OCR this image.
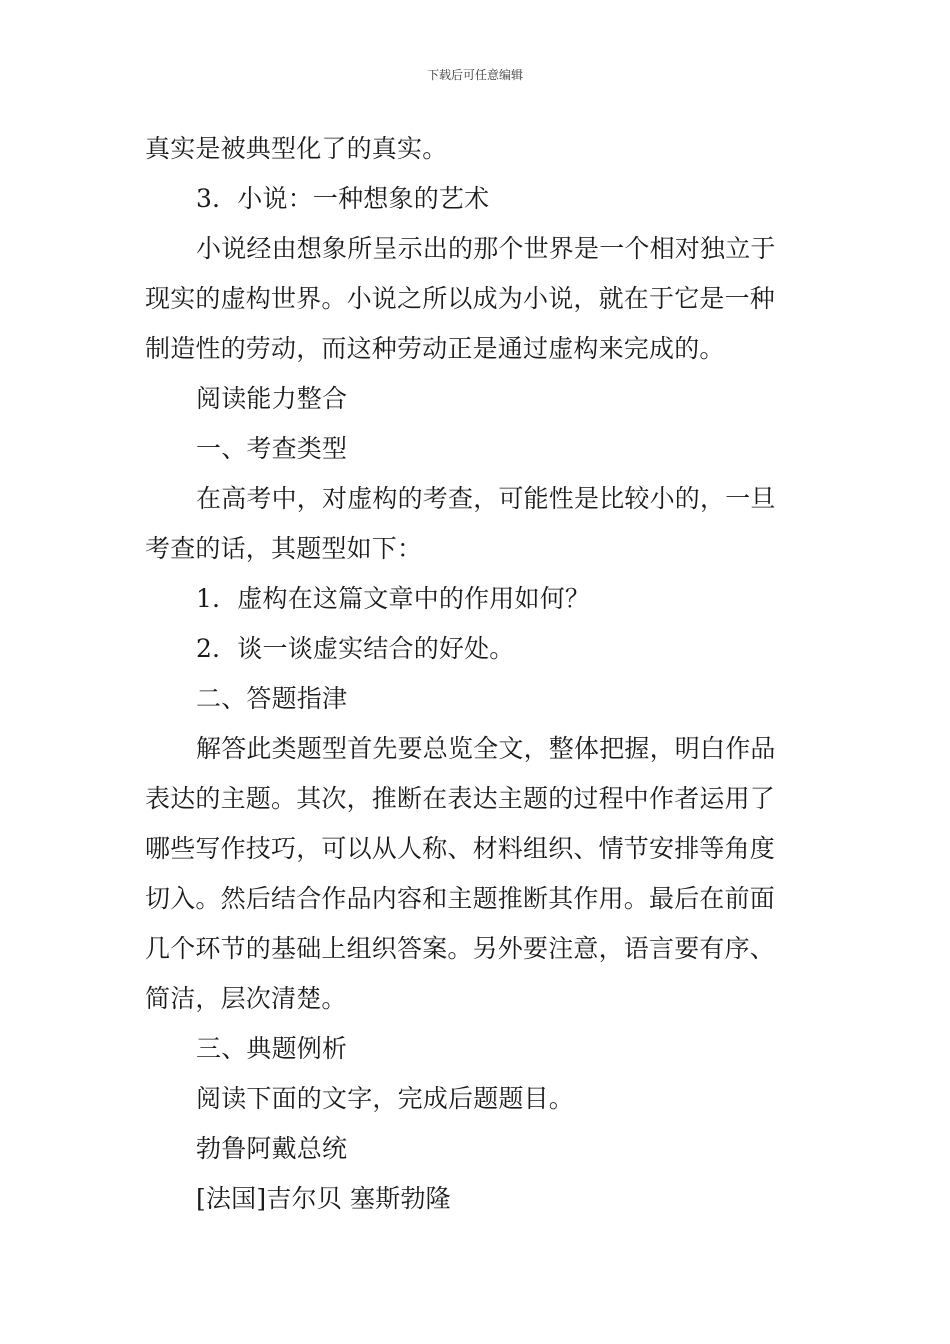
下载后可任意编辑
真实是被典型化了的真实。
3．小说：一种想象的艺术
小说经由想象所呈示出的那个世界是一个相对独立于
现实的虚构世界。小说之所以成为小说，就在于它是一种
制造性的劳动，而这种劳动正是通过虚构来完成的。
阅读能力整合
一、考查类型
在高考中，对虚构的考查，可能性是比较小的，一旦
考查的话，其题型如下：
1．虚构在这篇文章中的作用如何？
2．谈一谈虚实结合的好处。
二、答题指津
解答此类题型首先要总览全文，整体把握，明白作品
表达的主题。其次，推断在表达主题的过程中作者运用了
哪些写作技巧，可以从人称、材料组织、情节安排等角度
切入。然后结合作品内容和主题推断其作用。最后在前面
几个环节的基础上组织答案。另外要注意，语言要有序、
简洁，层次清楚。
三、典题例析
阅读下面的文字，完成后题题目。
勃鲁阿戴总统
[法国]吉尔贝 塞斯勃隆
